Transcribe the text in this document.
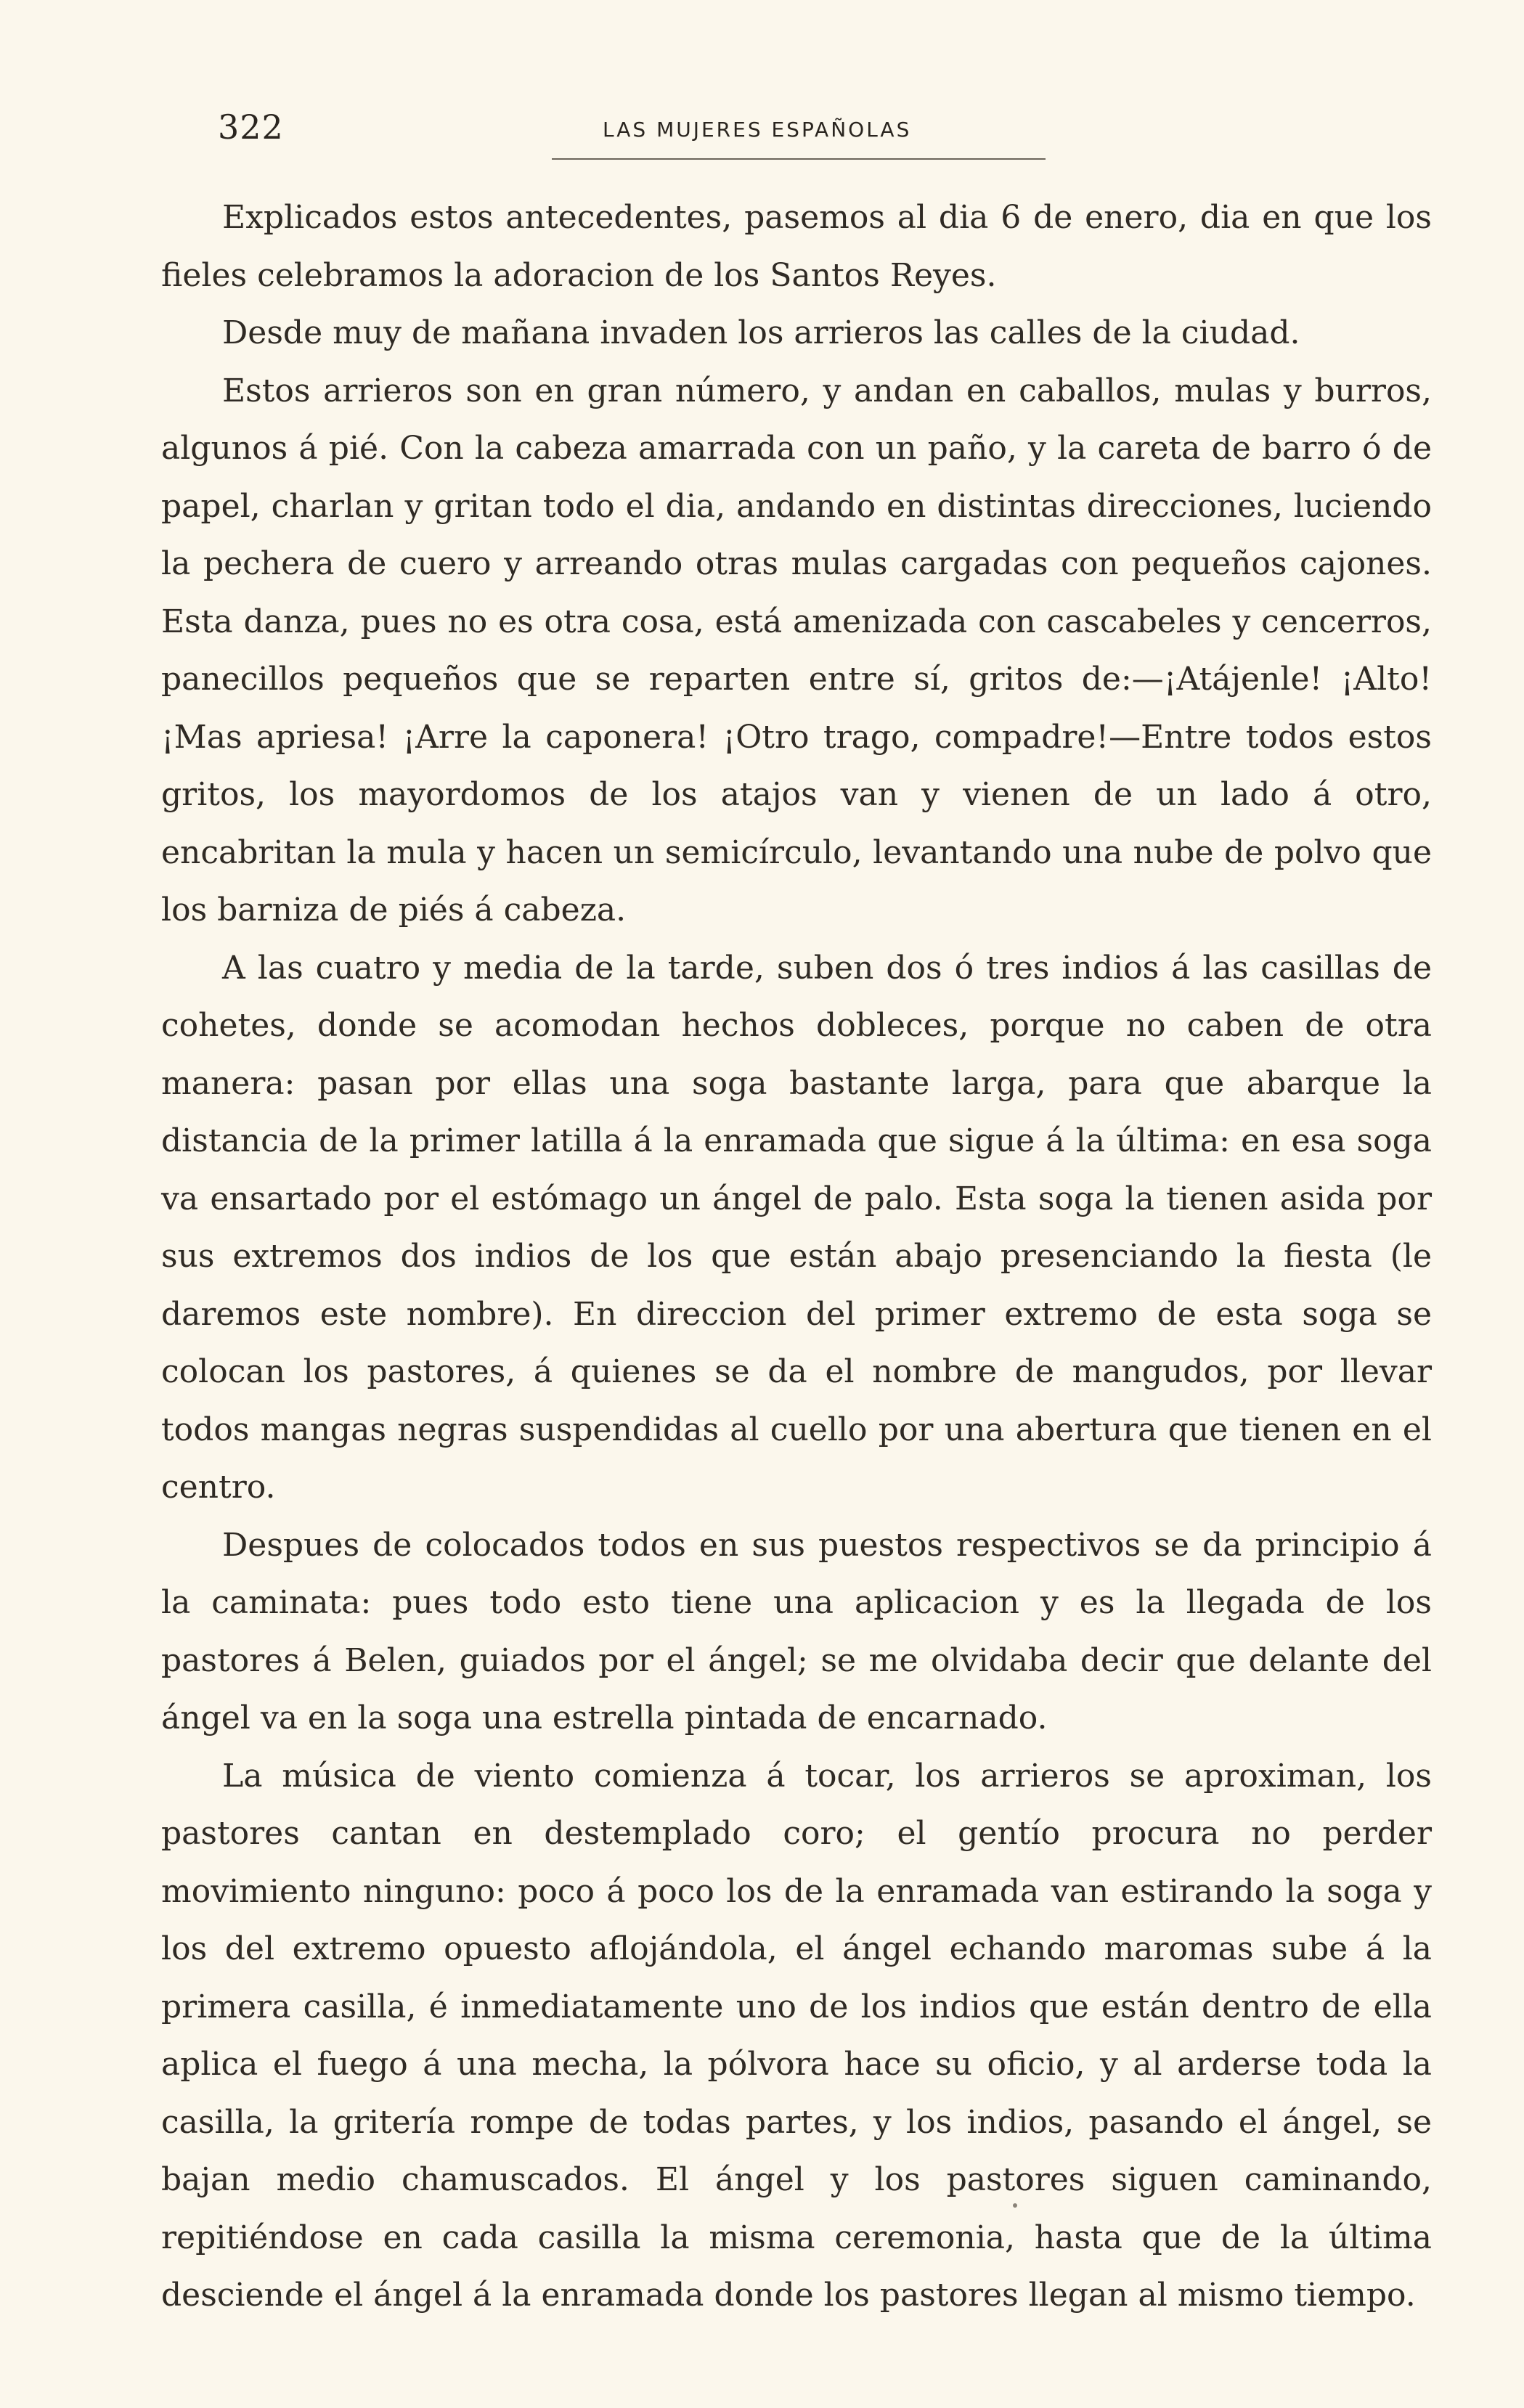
322	LAS MUJERES ESPAÑOLAS

Explicados estos antecedentes, pasemos al dia 6 de enero, dia en que los fieles celebramos la adoracion de los Santos Reyes.

Desde muy de mañana invaden los arrieros las calles de la ciudad.

Estos arrieros son en gran número, y andan en caballos, mulas y burros, algunos á pié. Con la cabeza amarrada con un paño, y la careta de barro ó de papel, charlan y gritan todo el dia, andando en distintas direcciones, luciendo la pechera de cuero y arreando otras mulas cargadas con pequeños cajones. Esta danza, pues no es otra cosa, está amenizada con cascabeles y cencerros, panecillos pequeños que se reparten entre sí, gritos de:—¡Atájenle! ¡Alto! ¡Mas apriesa! ¡Arre la caponera! ¡Otro trago, compadre!—Entre todos estos gritos, los mayordomos de los atajos van y vienen de un lado á otro, encabritan la mula y hacen un semicírculo, levantando una nube de polvo que los barniza de piés á cabeza.

A las cuatro y media de la tarde, suben dos ó tres indios á las casillas de cohetes, donde se acomodan hechos dobleces, porque no caben de otra manera: pasan por ellas una soga bastante larga, para que abarque la distancia de la primer latilla á la enramada que sigue á la última: en esa soga va ensartado por el estómago un ángel de palo. Esta soga la tienen asida por sus extremos dos indios de los que están abajo presenciando la fiesta (le daremos este nombre). En direccion del primer extremo de esta soga se colocan los pastores, á quienes se da el nombre de mangudos, por llevar todos mangas negras suspendidas al cuello por una abertura que tienen en el centro.

Despues de colocados todos en sus puestos respectivos se da principio á la caminata: pues todo esto tiene una aplicacion y es la llegada de los pastores á Belen, guiados por el ángel; se me olvidaba decir que delante del ángel va en la soga una estrella pintada de encarnado.

La música de viento comienza á tocar, los arrieros se aproximan, los pastores cantan en destemplado coro; el gentío procura no perder movimiento ninguno: poco á poco los de la enramada van estirando la soga y los del extremo opuesto aflojándola, el ángel echando maromas sube á la primera casilla, é inmediatamente uno de los indios que están dentro de ella aplica el fuego á una mecha, la pólvora hace su oficio, y al arderse toda la casilla, la gritería rompe de todas partes, y los indios, pasando el ángel, se bajan medio chamuscados. El ángel y los pastores siguen caminando, repitiéndose en cada casilla la misma ceremonia, hasta que de la última desciende el ángel á la enramada donde los pastores llegan al mismo tiempo.
